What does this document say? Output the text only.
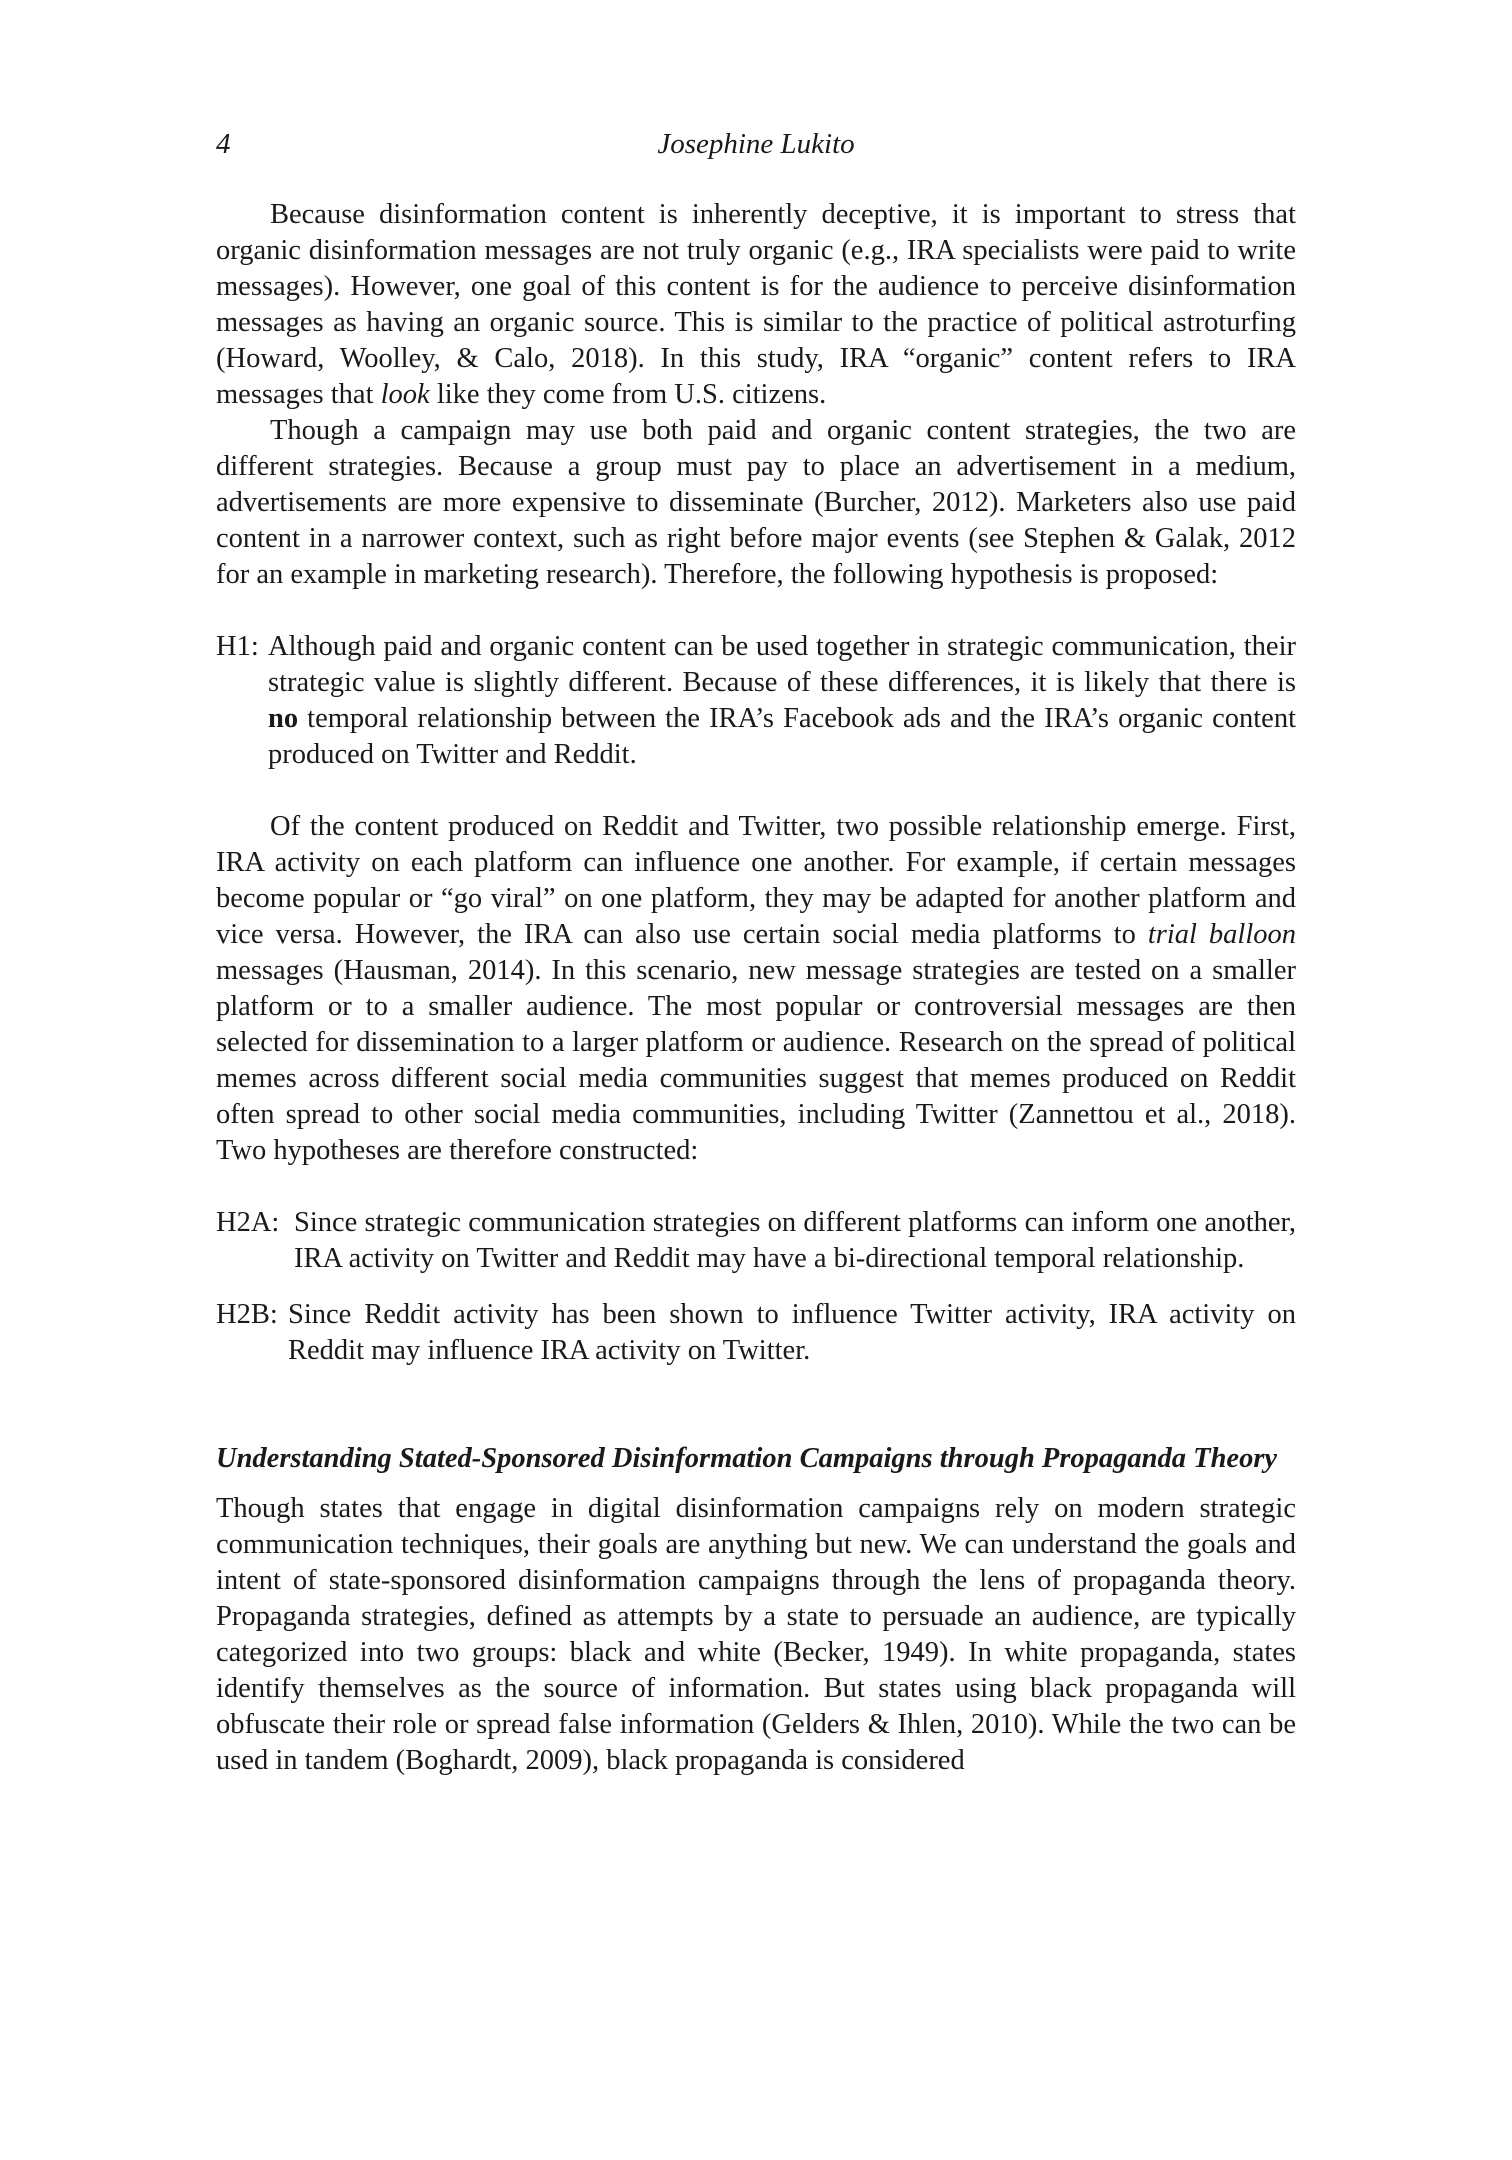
4	Josephine Lukito

Because disinformation content is inherently deceptive, it is important to stress that organic disinformation messages are not truly organic (e.g., IRA specialists were paid to write messages). However, one goal of this content is for the audience to perceive disinformation messages as having an organic source. This is similar to the practice of political astroturfing (Howard, Woolley, & Calo, 2018). In this study, IRA “organic” content refers to IRA messages that look like they come from U.S. citizens.

Though a campaign may use both paid and organic content strategies, the two are different strategies. Because a group must pay to place an advertisement in a medium, advertisements are more expensive to disseminate (Burcher, 2012). Marketers also use paid content in a narrower context, such as right before major events (see Stephen & Galak, 2012 for an example in marketing research). Therefore, the following hypothesis is proposed:

H1: Although paid and organic content can be used together in strategic communication, their strategic value is slightly different. Because of these differences, it is likely that there is no temporal relationship between the IRA’s Facebook ads and the IRA’s organic content produced on Twitter and Reddit.

Of the content produced on Reddit and Twitter, two possible relationship emerge. First, IRA activity on each platform can influence one another. For example, if certain messages become popular or “go viral” on one platform, they may be adapted for another platform and vice versa. However, the IRA can also use certain social media platforms to trial balloon messages (Hausman, 2014). In this scenario, new message strategies are tested on a smaller platform or to a smaller audience. The most popular or controversial messages are then selected for dissemination to a larger platform or audience. Research on the spread of political memes across different social media communities suggest that memes produced on Reddit often spread to other social media communities, including Twitter (Zannettou et al., 2018). Two hypotheses are therefore constructed:

H2A: Since strategic communication strategies on different platforms can inform one another, IRA activity on Twitter and Reddit may have a bi-directional temporal relationship.
H2B: Since Reddit activity has been shown to influence Twitter activity, IRA activity on Reddit may influence IRA activity on Twitter.

Understanding Stated-Sponsored Disinformation Campaigns through Propaganda Theory

Though states that engage in digital disinformation campaigns rely on modern strategic communication techniques, their goals are anything but new. We can understand the goals and intent of state-sponsored disinformation campaigns through the lens of propaganda theory. Propaganda strategies, defined as attempts by a state to persuade an audience, are typically categorized into two groups: black and white (Becker, 1949). In white propaganda, states identify themselves as the source of information. But states using black propaganda will obfuscate their role or spread false information (Gelders & Ihlen, 2010). While the two can be used in tandem (Boghardt, 2009), black propaganda is considered
